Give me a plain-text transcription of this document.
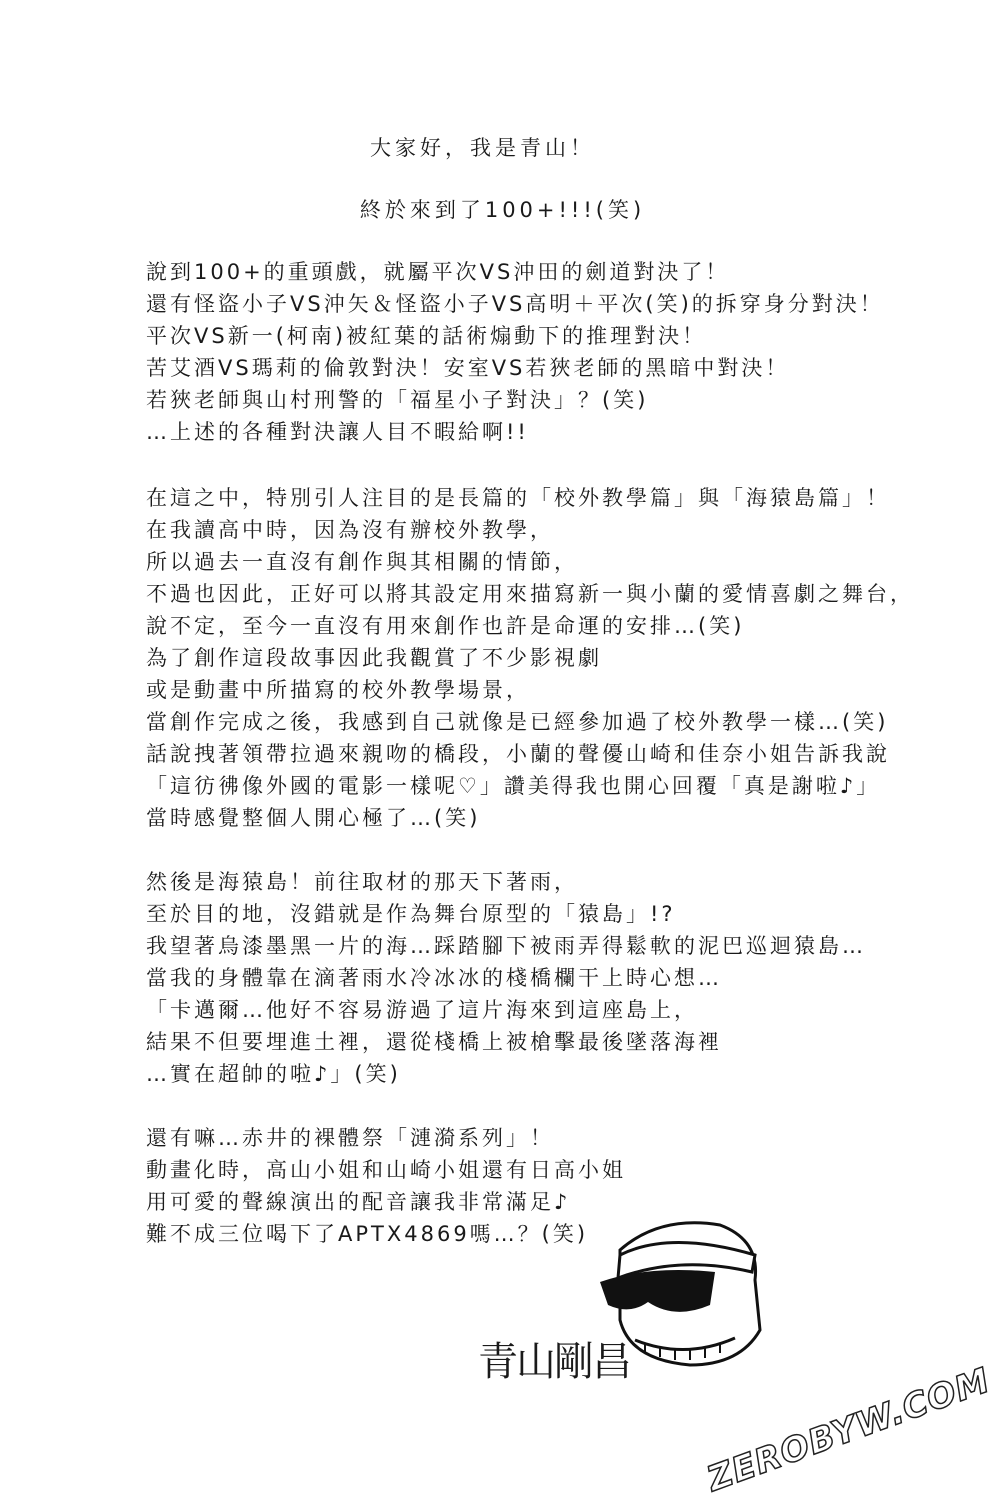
大家好，我是青山！
終於來到了100+!!!(笑)
說到100+的重頭戲，就屬平次VS沖田的劍道對決了！
還有怪盜小子VS沖矢＆怪盜小子VS高明＋平次(笑)的拆穿身分對決！
平次VS新一(柯南)被紅葉的話術煽動下的推理對決！
苦艾酒VS瑪莉的倫敦對決！安室VS若狹老師的黑暗中對決！
若狹老師與山村刑警的「福星小子對決」？(笑)
…上述的各種對決讓人目不暇給啊!!
在這之中，特別引人注目的是長篇的「校外教學篇」與「海猿島篇」！
在我讀高中時，因為沒有辦校外教學，
所以過去一直沒有創作與其相關的情節，
不過也因此，正好可以將其設定用來描寫新一與小蘭的愛情喜劇之舞台，
說不定，至今一直沒有用來創作也許是命運的安排…(笑)
為了創作這段故事因此我觀賞了不少影視劇
或是動畫中所描寫的校外教學場景，
當創作完成之後，我感到自己就像是已經參加過了校外教學一樣…(笑)
話說拽著領帶拉過來親吻的橋段，小蘭的聲優山崎和佳奈小姐告訴我說
「這彷彿像外國的電影一樣呢♡」讚美得我也開心回覆「真是謝啦♪」
當時感覺整個人開心極了…(笑)
然後是海猿島！前往取材的那天下著雨，
至於目的地，沒錯就是作為舞台原型的「猿島」!?
我望著烏漆墨黑一片的海…踩踏腳下被雨弄得鬆軟的泥巴巡迴猿島…
當我的身體靠在滴著雨水冷冰冰的棧橋欄干上時心想…
「卡邁爾…他好不容易游過了這片海來到這座島上，
結果不但要埋進土裡，還從棧橋上被槍擊最後墜落海裡
…實在超帥的啦♪」(笑)
還有嘛…赤井的裸體祭「漣漪系列」！
動畫化時，高山小姐和山崎小姐還有日高小姐
用可愛的聲線演出的配音讓我非常滿足♪
難不成三位喝下了APTX4869嗎…？(笑)
青山剛昌 ZEROBYW.COM
